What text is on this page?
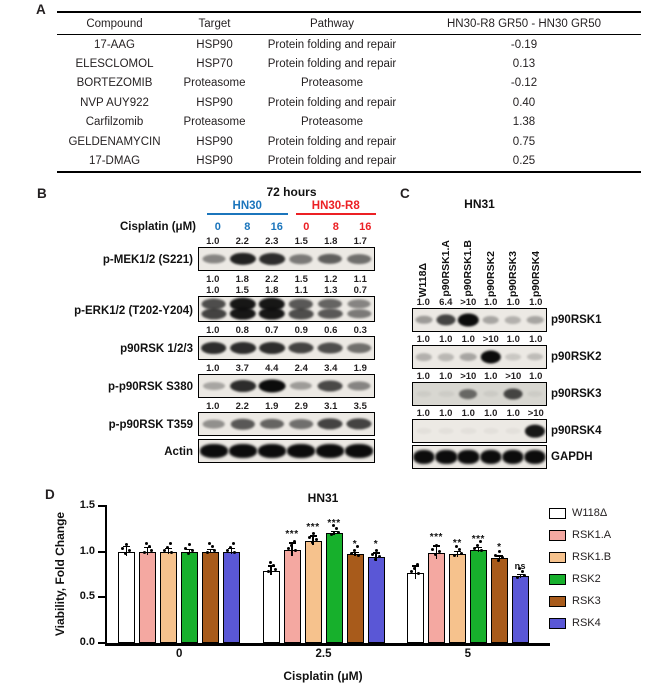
A
Compound	Target	Pathway	HN30-R8 GR50 - HN30 GR50
17-AAG	HSP90	Protein folding and repair	-0.19
ELESCLOMOL	HSP70	Protein folding and repair	0.13
BORTEZOMIB	Proteasome	Proteasome	-0.12
NVP AUY922	HSP90	Protein folding and repair	0.40
Carfilzomib	Proteasome	Proteasome	1.38
GELDENAMYCIN	HSP90	Protein folding and repair	0.75
17-DMAG	HSP90	Protein folding and repair	0.25
B	72 hours
HN30	HN30-R8
Cisplatin (μM)	0	8	16	0	8	16
p-MEK1/2 (S221)
1.0	2.2	2.3	1.5	1.8	1.7
p-ERK1/2 (T202-Y204)
1.0	1.8	2.2	1.5	1.2	1.1
1.0	1.5	1.8	1.1	1.3	0.7
p90RSK 1/2/3
1.0	0.8	0.7	0.9	0.6	0.3
p-p90RSK S380
1.0	3.7	4.4	2.4	3.4	1.9
p-p90RSK T359
1.0	2.2	1.9	2.9	3.1	3.5
Actin
C
HN31
W118Δ p90RSK1.A p90RSK1.B p90RSK2 p90RSK3 p90RSK4
1.0 6.4 >10 1.0 1.0 1.0
p90RSK1
1.0 1.0 1.0 >10 1.0 1.0
p90RSK2
1.0 1.0 >10 1.0 >10 1.0
p90RSK3
1.0 1.0 1.0 1.0 1.0 >10
p90RSK4
GAPDH
D	HN31
Viability, Fold Change
Cisplatin (μM)
0.0
0.5
1.0
1.5
0	2.5
***
*** ***
*	*
5
***	**	***
*
ns
W118Δ
RSK1.A
RSK1.B
RSK2
RSK3
RSK4
